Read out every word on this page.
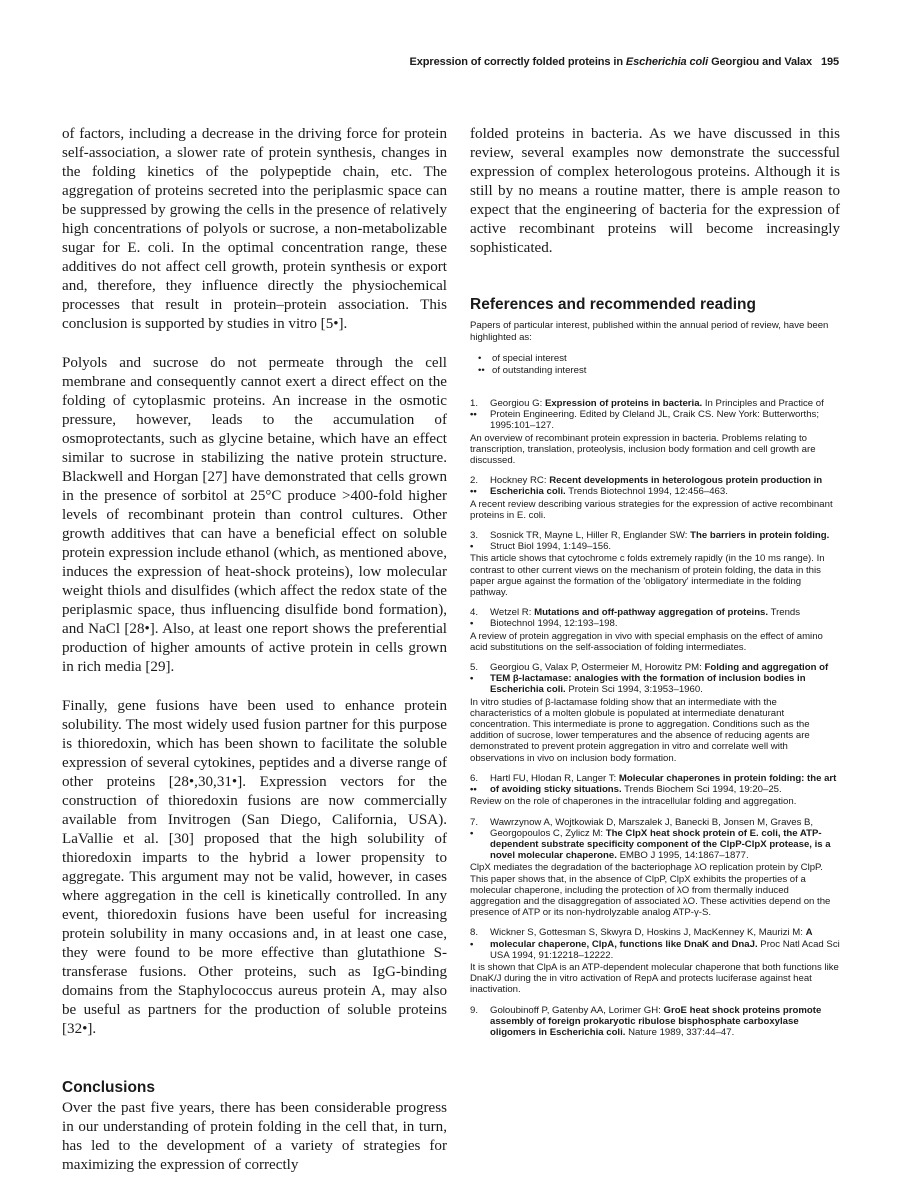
Expression of correctly folded proteins in Escherichia coli Georgiou and Valax 195

of factors, including a decrease in the driving force for protein self-association, a slower rate of protein synthesis, changes in the folding kinetics of the polypeptide chain, etc. The aggregation of proteins secreted into the periplasmic space can be suppressed by growing the cells in the presence of relatively high concentrations of polyols or sucrose, a non-metabolizable sugar for E. coli. In the optimal concentration range, these additives do not affect cell growth, protein synthesis or export and, therefore, they influence directly the physiochemical processes that result in protein–protein association. This conclusion is supported by studies in vitro [5•].

Polyols and sucrose do not permeate through the cell membrane and consequently cannot exert a direct effect on the folding of cytoplasmic proteins. An increase in the osmotic pressure, however, leads to the accumulation of osmoprotectants, such as glycine betaine, which have an effect similar to sucrose in stabilizing the native protein structure. Blackwell and Horgan [27] have demonstrated that cells grown in the presence of sorbitol at 25°C produce >400-fold higher levels of recombinant protein than control cultures. Other growth additives that can have a beneficial effect on soluble protein expression include ethanol (which, as mentioned above, induces the expression of heat-shock proteins), low molecular weight thiols and disulfides (which affect the redox state of the periplasmic space, thus influencing disulfide bond formation), and NaCl [28•]. Also, at least one report shows the preferential production of higher amounts of active protein in cells grown in rich media [29].

Finally, gene fusions have been used to enhance protein solubility. The most widely used fusion partner for this purpose is thioredoxin, which has been shown to facilitate the soluble expression of several cytokines, peptides and a diverse range of other proteins [28•,30,31•]. Expression vectors for the construction of thioredoxin fusions are now commercially available from Invitrogen (San Diego, California, USA). LaVallie et al. [30] proposed that the high solubility of thioredoxin imparts to the hybrid a lower propensity to aggregate. This argument may not be valid, however, in cases where aggregation in the cell is kinetically controlled. In any event, thioredoxin fusions have been useful for increasing protein solubility in many occasions and, in at least one case, they were found to be more effective than glutathione S-transferase fusions. Other proteins, such as IgG-binding domains from the Staphylococcus aureus protein A, may also be useful as partners for the production of soluble proteins [32•].

Conclusions

Over the past five years, there has been considerable progress in our understanding of protein folding in the cell that, in turn, has led to the development of a variety of strategies for maximizing the expression of correctly

folded proteins in bacteria. As we have discussed in this review, several examples now demonstrate the successful expression of complex heterologous proteins. Although it is still by no means a routine matter, there is ample reason to expect that the engineering of bacteria for the expression of active recombinant proteins will become increasingly sophisticated.

References and recommended reading

Papers of particular interest, published within the annual period of review, have been highlighted as:

•	of special interest
•• of outstanding interest
1.
••
Georgiou G: Expression of proteins in bacteria. In Principles and Practice of Protein Engineering. Edited by Cleland JL, Craik CS. New York: Butterworths; 1995:101–127.

An overview of recombinant protein expression in bacteria. Problems relating to transcription, translation, proteolysis, inclusion body formation and cell growth are discussed.

2.
••
Hockney RC: Recent developments in heterologous protein production in Escherichia coli. Trends Biotechnol 1994, 12:456–463.

A recent review describing various strategies for the expression of active recombinant proteins in E. coli.

3.
•
Sosnick TR, Mayne L, Hiller R, Englander SW: The barriers in protein folding. Struct Biol 1994, 1:149–156.

This article shows that cytochrome c folds extremely rapidly (in the 10 ms range). In contrast to other current views on the mechanism of protein folding, the data in this paper argue against the formation of the 'obligatory' intermediate in the folding pathway.

4.
•
Wetzel R: Mutations and off-pathway aggregation of proteins. Trends Biotechnol 1994, 12:193–198.

A review of protein aggregation in vivo with special emphasis on the effect of amino acid substitutions on the self-association of folding intermediates.

5.
•
Georgiou G, Valax P, Ostermeier M, Horowitz PM: Folding and aggregation of TEM β-lactamase: analogies with the formation of inclusion bodies in Escherichia coli. Protein Sci 1994, 3:1953–1960.

In vitro studies of β-lactamase folding show that an intermediate with the characteristics of a molten globule is populated at intermediate denaturant concentration. This intermediate is prone to aggregation. Conditions such as the addition of sucrose, lower temperatures and the absence of reducing agents are demonstrated to prevent protein aggregation in vitro and correlate well with observations in vivo on inclusion body formation.

6.
••
Hartl FU, Hlodan R, Langer T: Molecular chaperones in protein folding: the art of avoiding sticky situations. Trends Biochem Sci 1994, 19:20–25.

Review on the role of chaperones in the intracellular folding and aggregation.

7.
•
Wawrzynow A, Wojtkowiak D, Marszalek J, Banecki B, Jonsen M, Graves B, Georgopoulos C, Zylicz M: The ClpX heat shock protein of E. coli, the ATP-dependent substrate specificity component of the ClpP-ClpX protease, is a novel molecular chaperone. EMBO J 1995, 14:1867–1877.

ClpX mediates the degradation of the bacteriophage λO replication protein by ClpP. This paper shows that, in the absence of ClpP, ClpX exhibits the properties of a molecular chaperone, including the protection of λO from thermally induced aggregation and the disaggregation of associated λO. These activities depend on the presence of ATP or its non-hydrolyzable analog ATP-γ-S.

8.
•
Wickner S, Gottesman S, Skwyra D, Hoskins J, MacKenney K, Maurizi M: A molecular chaperone, ClpA, functions like DnaK and DnaJ. Proc Natl Acad Sci USA 1994, 91:12218–12222.

It is shown that ClpA is an ATP-dependent molecular chaperone that both functions like DnaK/J during the in vitro activation of RepA and protects luciferase against heat inactivation.

9.	Goloubinoff P, Gatenby AA, Lorimer GH: GroE heat shock proteins promote assembly of foreign prokaryotic ribulose bisphosphate carboxylase oligomers in Escherichia coli. Nature 1989, 337:44–47.
